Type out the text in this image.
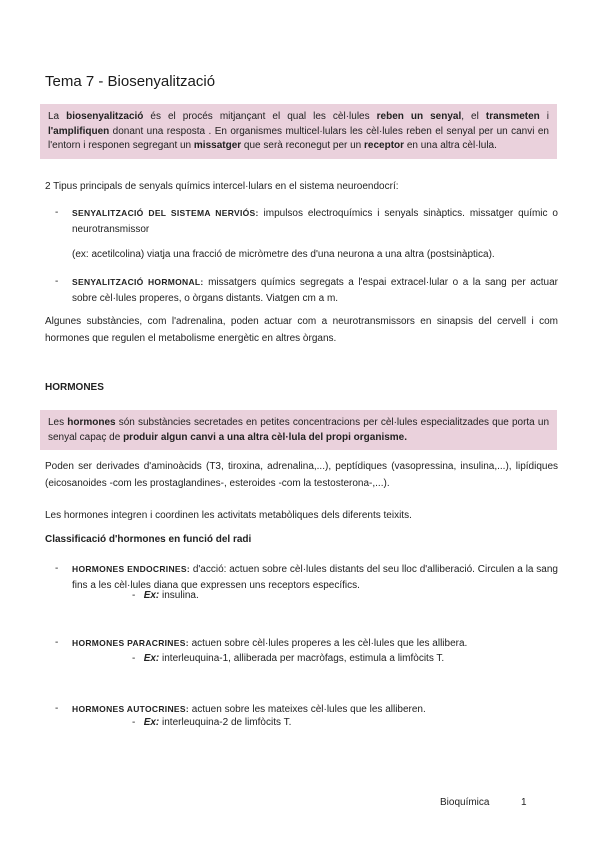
Tema 7 - Biosenyalització
La biosenyalització és el procés mitjançant el qual les cèl·lules reben un senyal, el transmeten i l'amplifiquen donant una resposta . En organismes multicel·lulars les cèl·lules reben el senyal per un canvi en l'entorn i responen segregant un missatger que serà reconegut per un receptor en una altra cèl·lula.
2 Tipus principals de senyals químics intercel·lulars en el sistema neuroendocrí:
- SENYALITZACIÓ DEL SISTEMA NERVIÓS: impulsos electroquímics i senyals sinàptics. missatger químic o neurotransmissor
(ex: acetilcolina) viatja una fracció de micròmetre des d'una neurona a una altra (postsinàptica).
- SENYALITZACIÓ HORMONAL: missatgers químics segregats a l'espai extracel·lular o a la sang per actuar sobre cèl·lules properes, o òrgans distants. Viatgen cm a m.
Algunes substàncies, com l'adrenalina, poden actuar com a neurotransmissors en sinapsis del cervell i com hormones que regulen el metabolisme energètic en altres òrgans.
HORMONES
Les hormones són substàncies secretades en petites concentracions per cèl·lules especialitzades que porta un senyal capaç de produir algun canvi a una altra cèl·lula del propi organisme.
Poden ser derivades d'aminoàcids (T3, tiroxina, adrenalina,...), peptídiques (vasopressina, insulina,...), lipídiques (eicosanoides -com les prostaglandines-, esteroides -com la testosterona-,...).
Les hormones integren i coordinen les activitats metabòliques dels diferents teixits.
Classificació d'hormones en funció del radi
- HORMONES ENDOCRINES: d'acció: actuen sobre cèl·lules distants del seu lloc d'alliberació. Circulen a la sang fins a les cèl·lules diana que expressen uns receptors específics.
- Ex: insulina.
- HORMONES PARACRINES: actuen sobre cèl·lules properes a les cèl·lules que les allibera.
- Ex: interleuquina-1, alliberada per macròfags, estimula a limfòcits T.
- HORMONES AUTOCRINES: actuen sobre les mateixes cèl·lules que les alliberen.
- Ex: interleuquina-2 de limfòcits T.
Bioquímica	1
